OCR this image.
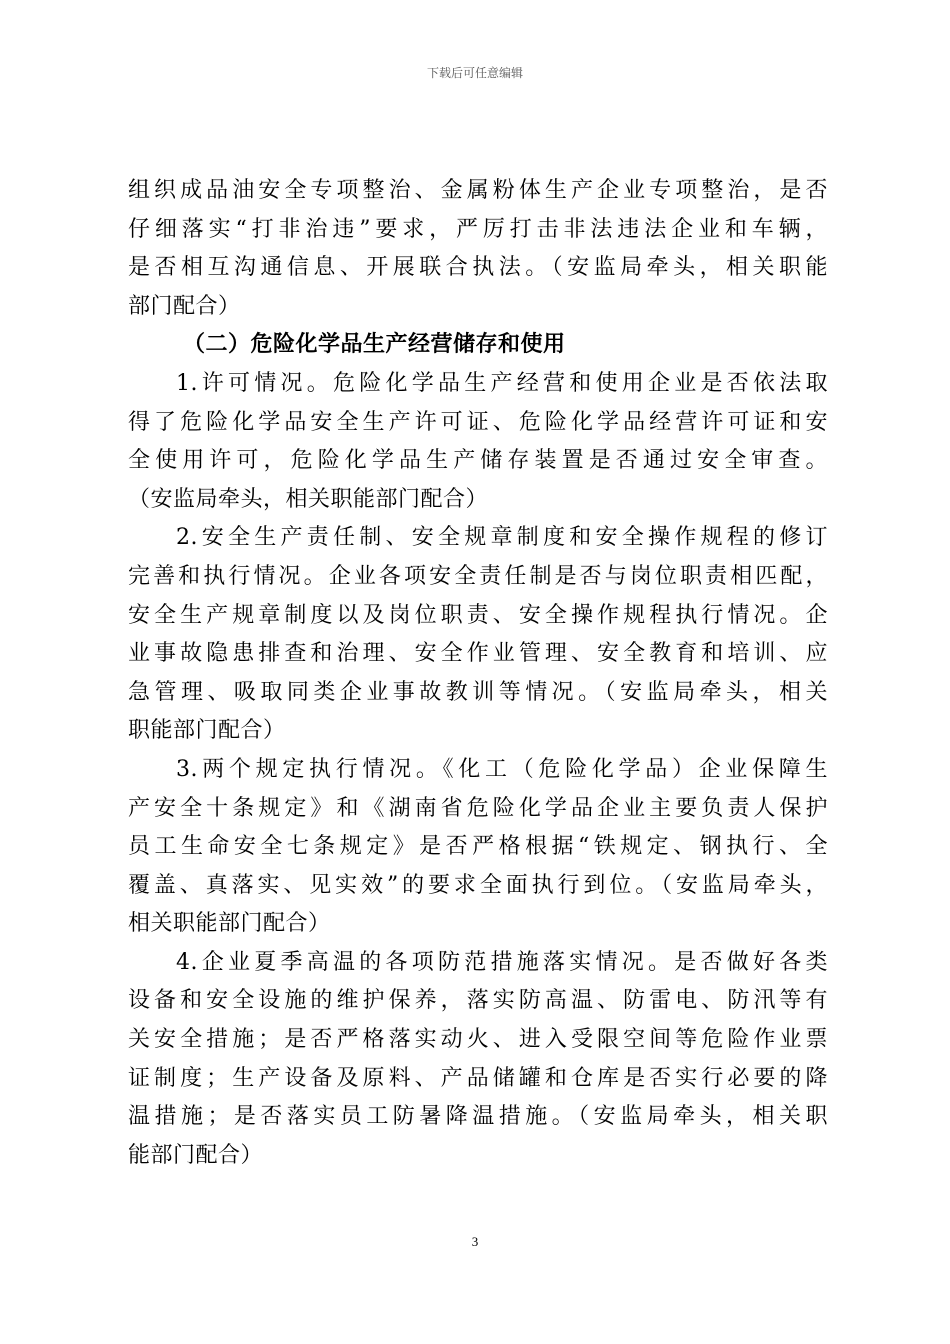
下载后可任意编辑
组织成品油安全专项整治、金属粉体生产企业专项整治，是否
仔细落实“打非治违”要求，严厉打击非法违法企业和车辆，
是否相互沟通信息、开展联合执法。（安监局牵头，相关职能
部门配合）
（二）危险化学品生产经营储存和使用
1.许可情况。危险化学品生产经营和使用企业是否依法取
得了危险化学品安全生产许可证、危险化学品经营许可证和安
全使用许可，危险化学品生产储存装置是否通过安全审查。
（安监局牵头，相关职能部门配合）
2.安全生产责任制、安全规章制度和安全操作规程的修订
完善和执行情况。企业各项安全责任制是否与岗位职责相匹配，
安全生产规章制度以及岗位职责、安全操作规程执行情况。企
业事故隐患排查和治理、安全作业管理、安全教育和培训、应
急管理、吸取同类企业事故教训等情况。（安监局牵头，相关
职能部门配合）
3.两个规定执行情况。《化工（危险化学品）企业保障生
产安全十条规定》和《湖南省危险化学品企业主要负责人保护
员工生命安全七条规定》是否严格根据“铁规定、钢执行、全
覆盖、真落实、见实效”的要求全面执行到位。（安监局牵头，
相关职能部门配合）
4.企业夏季高温的各项防范措施落实情况。是否做好各类
设备和安全设施的维护保养，落实防高温、防雷电、防汛等有
关安全措施；是否严格落实动火、进入受限空间等危险作业票
证制度；生产设备及原料、产品储罐和仓库是否实行必要的降
温措施；是否落实员工防暑降温措施。（安监局牵头，相关职
能部门配合）
3
